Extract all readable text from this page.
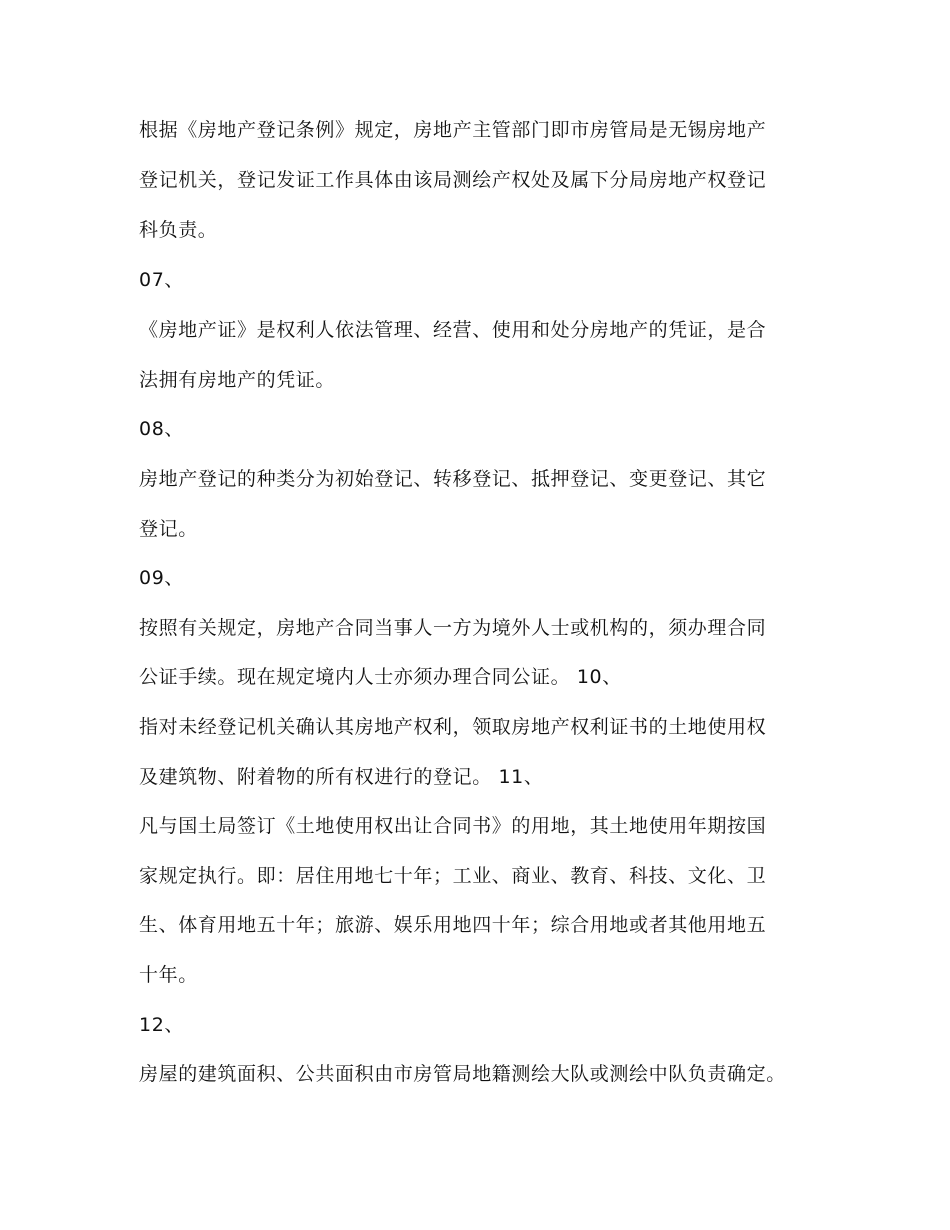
根据《房地产登记条例》规定，房地产主管部门即市房管局是无锡房地产
登记机关，登记发证工作具体由该局测绘产权处及属下分局房地产权登记
科负责。
07、
《房地产证》是权利人依法管理、经营、使用和处分房地产的凭证，是合
法拥有房地产的凭证。
08、
房地产登记的种类分为初始登记、转移登记、抵押登记、变更登记、其它
登记。
09、
按照有关规定，房地产合同当事人一方为境外人士或机构的，须办理合同
公证手续。现在规定境内人士亦须办理合同公证。 10、
指对未经登记机关确认其房地产权利，领取房地产权利证书的土地使用权
及建筑物、附着物的所有权进行的登记。 11、
凡与国土局签订《土地使用权出让合同书》的用地，其土地使用年期按国
家规定执行。即：居住用地七十年；工业、商业、教育、科技、文化、卫
生、体育用地五十年；旅游、娱乐用地四十年；综合用地或者其他用地五
十年。
12、
房屋的建筑面积、公共面积由市房管局地籍测绘大队或测绘中队负责确定。
